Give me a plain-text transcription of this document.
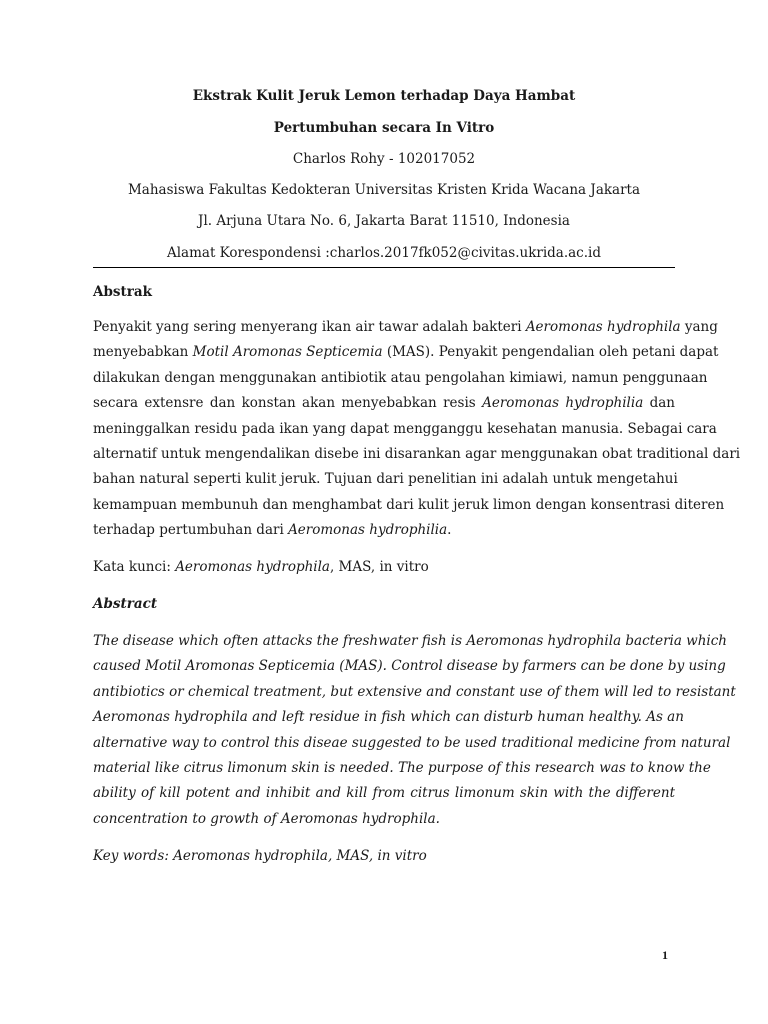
Ekstrak Kulit Jeruk Lemon terhadap Daya Hambat
Pertumbuhan secara In Vitro
Charlos Rohy - 102017052
Mahasiswa Fakultas Kedokteran Universitas Kristen Krida Wacana Jakarta
Jl. Arjuna Utara No. 6, Jakarta Barat 11510, Indonesia
Alamat Korespondensi :charlos.2017fk052@civitas.ukrida.ac.id
Abstrak
Penyakit yang sering menyerang ikan air tawar adalah bakteri Aeromonas hydrophila yang
menyebabkan Motil Aromonas Septicemia (MAS). Penyakit pengendalian oleh petani dapat
dilakukan dengan menggunakan antibiotik atau pengolahan kimiawi, namun penggunaan
secara extensre dan konstan akan menyebabkan resis Aeromonas hydrophilia dan
meninggalkan residu pada ikan yang dapat mengganggu kesehatan manusia. Sebagai cara
alternatif untuk mengendalikan disebe ini disarankan agar menggunakan obat traditional dari
bahan natural seperti kulit jeruk. Tujuan dari penelitian ini adalah untuk mengetahui
kemampuan membunuh dan menghambat dari kulit jeruk limon dengan konsentrasi diteren
terhadap pertumbuhan dari Aeromonas hydrophilia.
Kata kunci: Aeromonas hydrophila, MAS, in vitro
Abstract
The disease which often attacks the freshwater fish is Aeromonas hydrophila bacteria which
caused Motil Aromonas Septicemia (MAS). Control disease by farmers can be done by using
antibiotics or chemical treatment, but extensive and constant use of them will led to resistant
Aeromonas hydrophila and left residue in fish which can disturb human healthy. As an
alternative way to control this diseae suggested to be used traditional medicine from natural
material like citrus limonum skin is needed. The purpose of this research was to know the
ability of kill potent and inhibit and kill from citrus limonum skin with the different
concentration to growth of Aeromonas hydrophila.
Key words: Aeromonas hydrophila, MAS, in vitro
1
